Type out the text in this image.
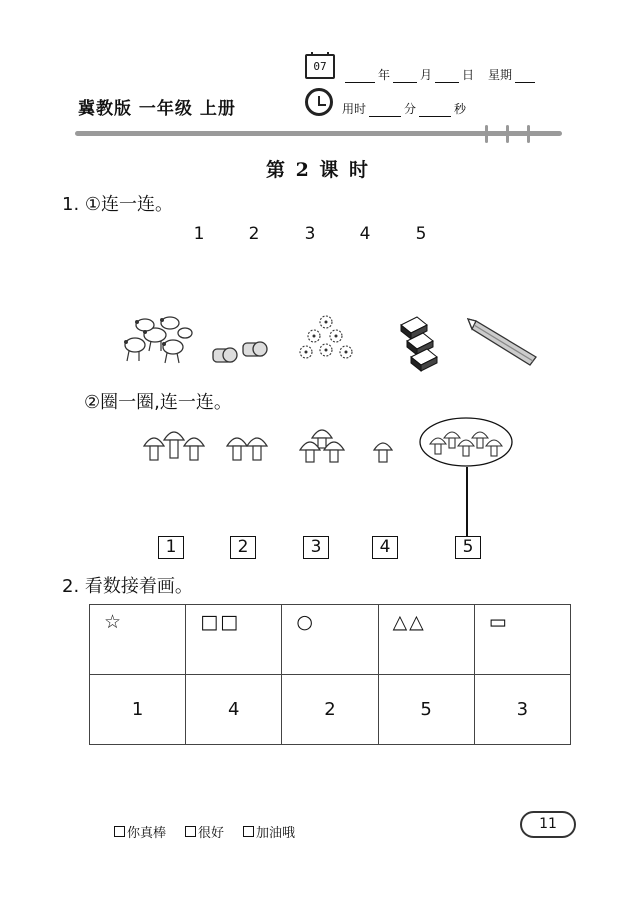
冀教版 一年级 上册
07
年	月	日 星期
用时	分	秒
第 2 课 时
1. ①连一连。
1	2	3	4	5
②圈一圈,连一连。
1	2	3	4	5
2. 看数接着画。
☆	□□	○	△△	▭
1	4	2	5	3
你真棒 很好 加油哦
11
